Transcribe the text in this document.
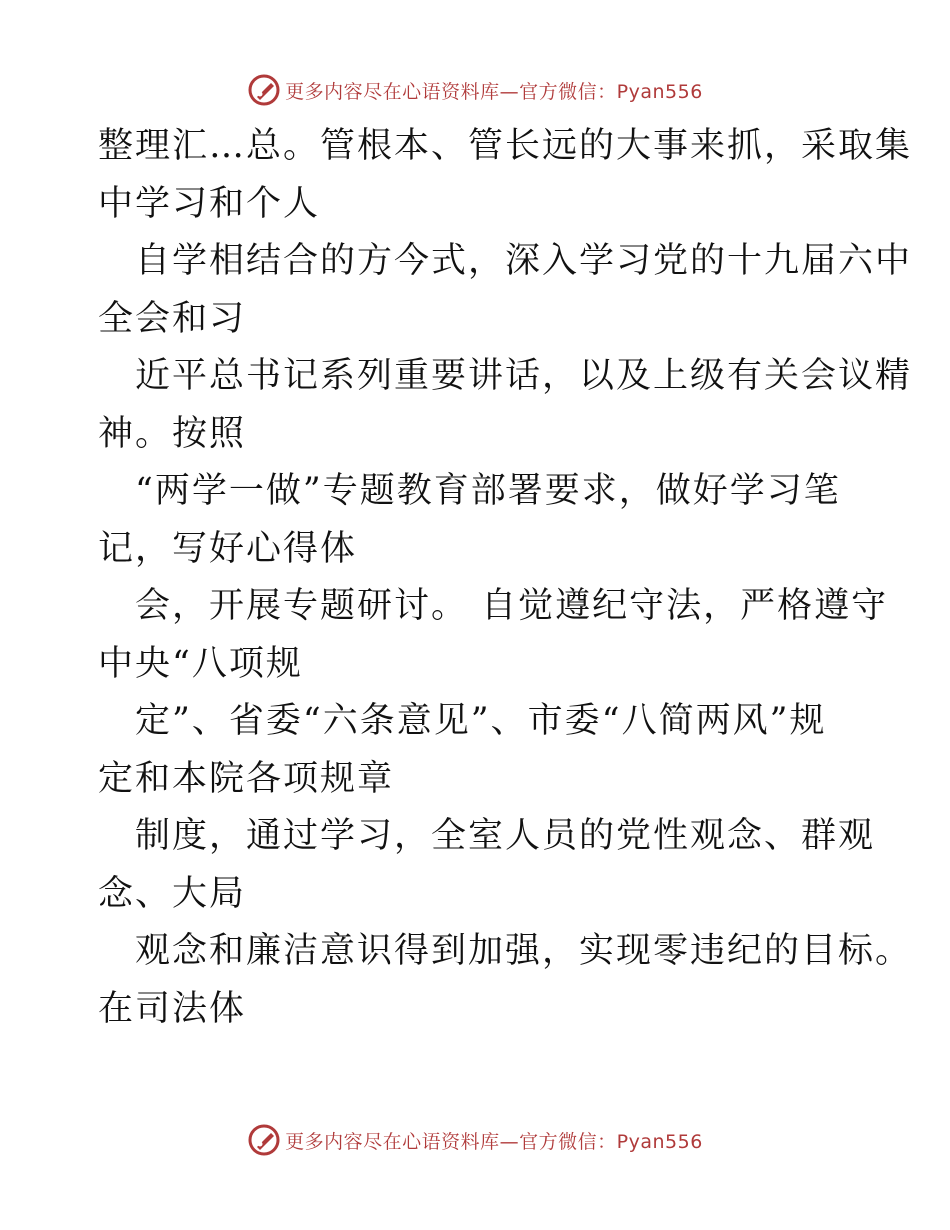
更多内容尽在心语资料库—官方微信：Pyan556
整理汇…总。管根本、管长远的大事来抓，采取集
中学习和个人
自学相结合的方今式，深入学习党的十九届六中
全会和习
近平总书记系列重要讲话，以及上级有关会议精
神。按照
“两学一做”专题教育部署要求，做好学习笔
记，写好心得体
会，开展专题研讨。 自觉遵纪守法，严格遵守
中央“八项规
定”、省委“六条意见”、市委“八简两风”规
定和本院各项规章
制度，通过学习，全室人员的党性观念、群观
念、大局
观念和廉洁意识得到加强，实现零违纪的目标。
在司法体
更多内容尽在心语资料库—官方微信：Pyan556
